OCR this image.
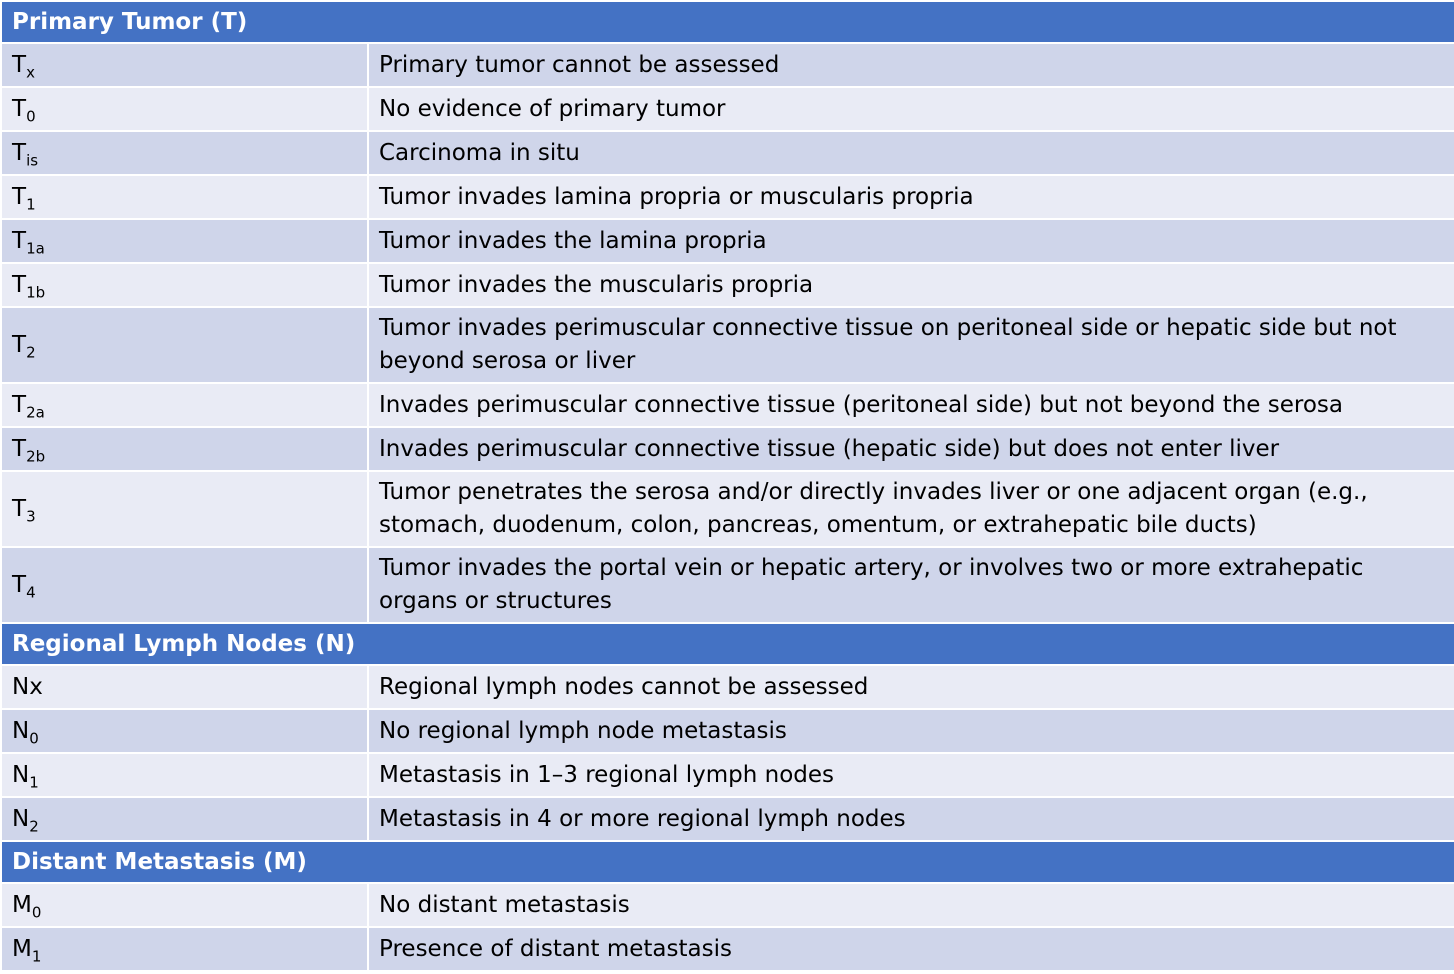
Primary Tumor (T)	
$T_x$	Primary tumor cannot be assessed
$T_0$	No evidence of primary tumor
$T_{is}$	Carcinoma in situ
$T_1$	Tumor invades lamina propria or muscularis propria
$T_{1a}$	Tumor invades the lamina propria
$T_{1b}$	Tumor invades the muscularis propria
$T_2$	Tumor invades perimuscular connective tissue on peritoneal side or hepatic side but not beyond serosa or liver
$T_{2a}$	Invades perimuscular connective tissue (peritoneal side) but not beyond the serosa
$T_{2b}$	Invades perimuscular connective tissue (hepatic side) but does not enter liver
$T_3$	Tumor penetrates the serosa and/or directly invades liver or one adjacent organ (e.g., stomach, duodenum, colon, pancreas, omentum, or extrahepatic bile ducts)
$T_4$	Tumor invades the portal vein or hepatic artery, or involves two or more extrahepatic organs or structures
Regional Lymph Nodes (N)	
Nx	Regional lymph nodes cannot be assessed
$N_0$	No regional lymph node metastasis
$N_1$	Metastasis in 1–3 regional lymph nodes
$N_2$	Metastasis in 4 or more regional lymph nodes
Distant Metastasis (M)	
$M_0$	No distant metastasis
$M_1$	Presence of distant metastasis
